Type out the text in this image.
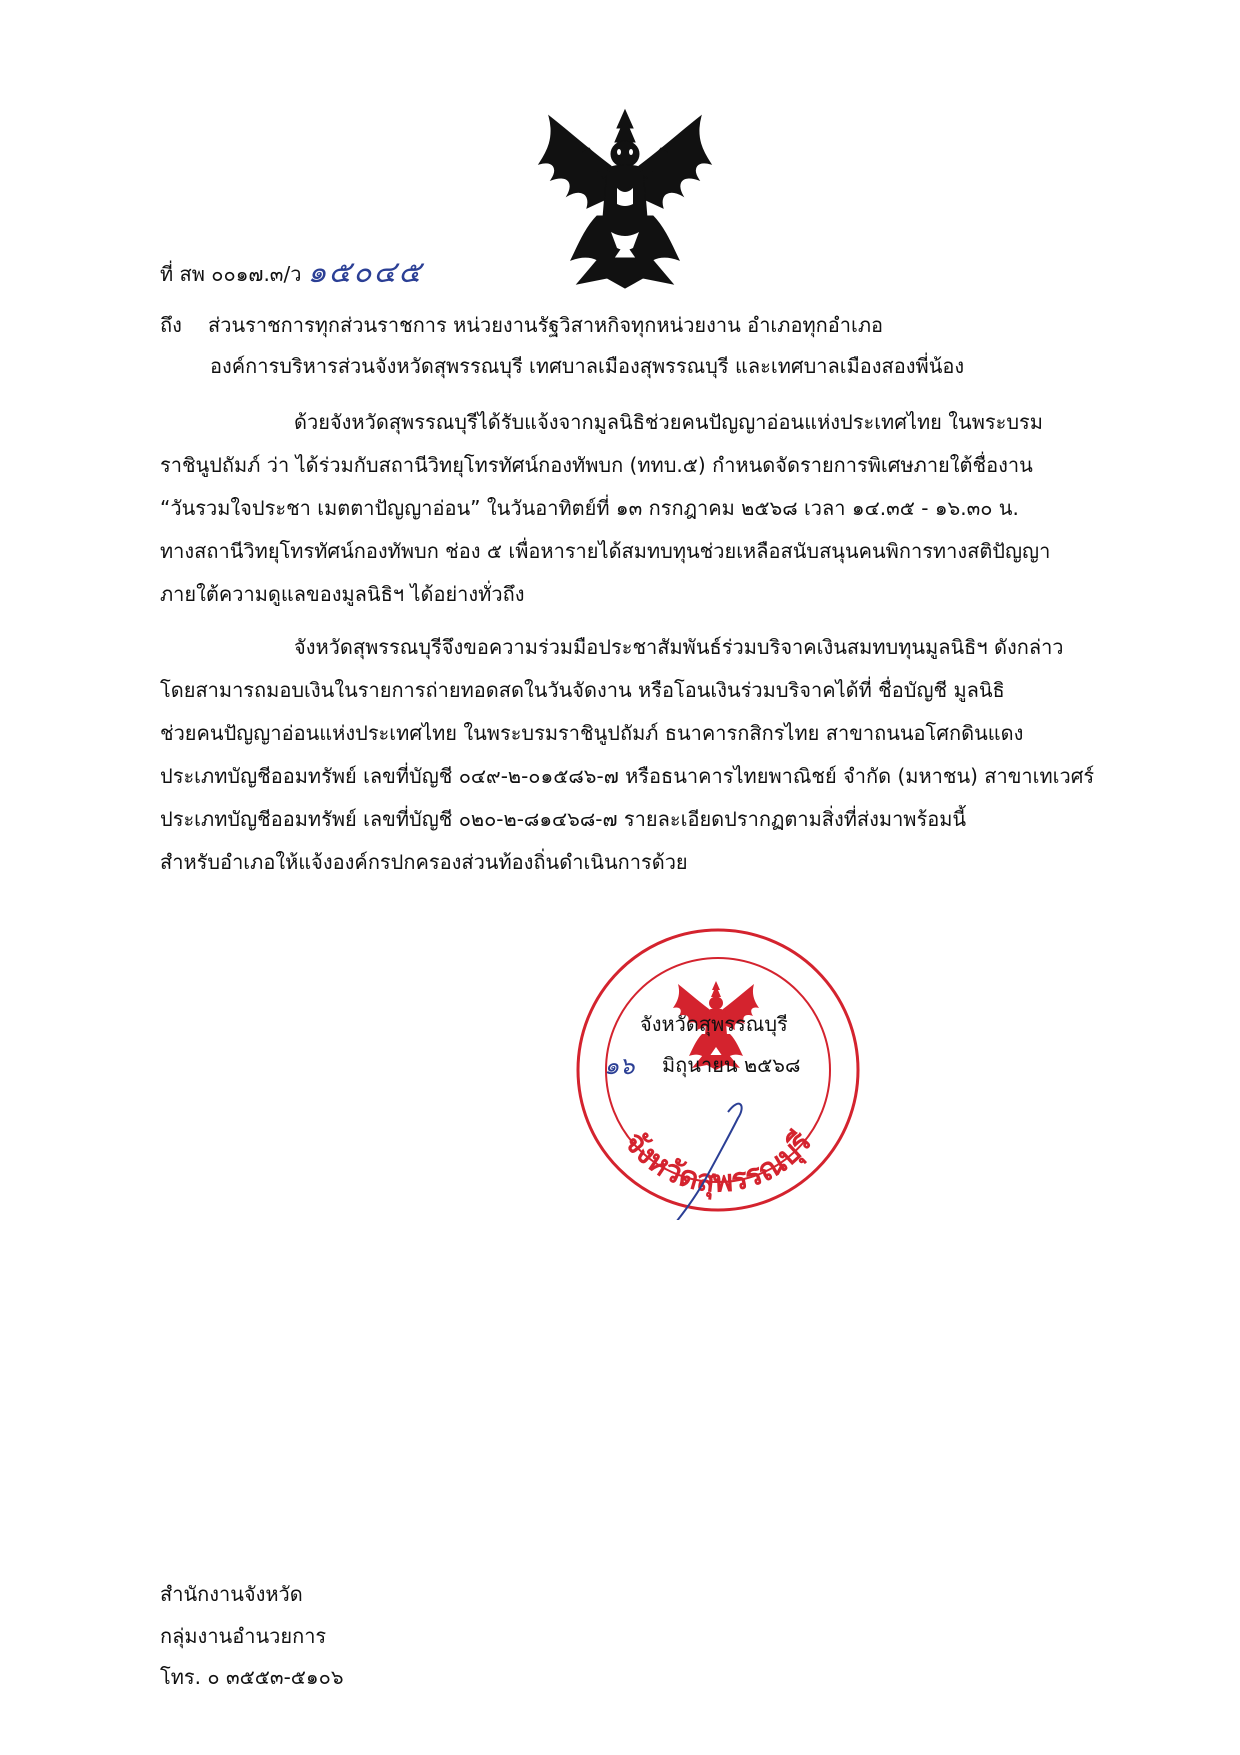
ที่ สพ ๐๐๑๗.๓/ว ๑๕๐๔๕
ถึง ส่วนราชการทุกส่วนราชการ หน่วยงานรัฐวิสาหกิจทุกหน่วยงาน อำเภอทุกอำเภอ
องค์การบริหารส่วนจังหวัดสุพรรณบุรี เทศบาลเมืองสุพรรณบุรี และเทศบาลเมืองสองพี่น้อง
ด้วยจังหวัดสุพรรณบุรีได้รับแจ้งจากมูลนิธิช่วยคนปัญญาอ่อนแห่งประเทศไทย ในพระบรม
ราชินูปถัมภ์ ว่า ได้ร่วมกับสถานีวิทยุโทรทัศน์กองทัพบก (ททบ.๕) กำหนดจัดรายการพิเศษภายใต้ชื่องาน
“วันรวมใจประชา เมตตาปัญญาอ่อน” ในวันอาทิตย์ที่ ๑๓ กรกฎาคม ๒๕๖๘ เวลา ๑๔.๓๕ - ๑๖.๓๐ น.
ทางสถานีวิทยุโทรทัศน์กองทัพบก ช่อง ๕ เพื่อหารายได้สมทบทุนช่วยเหลือสนับสนุนคนพิการทางสติปัญญา
ภายใต้ความดูแลของมูลนิธิฯ ได้อย่างทั่วถึง
จังหวัดสุพรรณบุรีจึงขอความร่วมมือประชาสัมพันธ์ร่วมบริจาคเงินสมทบทุนมูลนิธิฯ ดังกล่าว
โดยสามารถมอบเงินในรายการถ่ายทอดสดในวันจัดงาน หรือโอนเงินร่วมบริจาคได้ที่ ชื่อบัญชี มูลนิธิ
ช่วยคนปัญญาอ่อนแห่งประเทศไทย ในพระบรมราชินูปถัมภ์ ธนาคารกสิกรไทย สาขาถนนอโศกดินแดง
ประเภทบัญชีออมทรัพย์ เลขที่บัญชี ๐๔๙-๒-๐๑๕๘๖-๗ หรือธนาคารไทยพาณิชย์ จำกัด (มหาชน) สาขาเทเวศร์
ประเภทบัญชีออมทรัพย์ เลขที่บัญชี ๐๒๐-๒-๘๑๔๖๘-๗ รายละเอียดปรากฏตามสิ่งที่ส่งมาพร้อมนี้
สำหรับอำเภอให้แจ้งองค์กรปกครองส่วนท้องถิ่นดำเนินการด้วย
จังหวัดสุพรรณบุรี
จังหวัดสุพรรณบุรี
๑๖ มิถุนายน ๒๕๖๘
สำนักงานจังหวัด
กลุ่มงานอำนวยการ
โทร. ๐ ๓๕๕๓-๕๑๐๖
